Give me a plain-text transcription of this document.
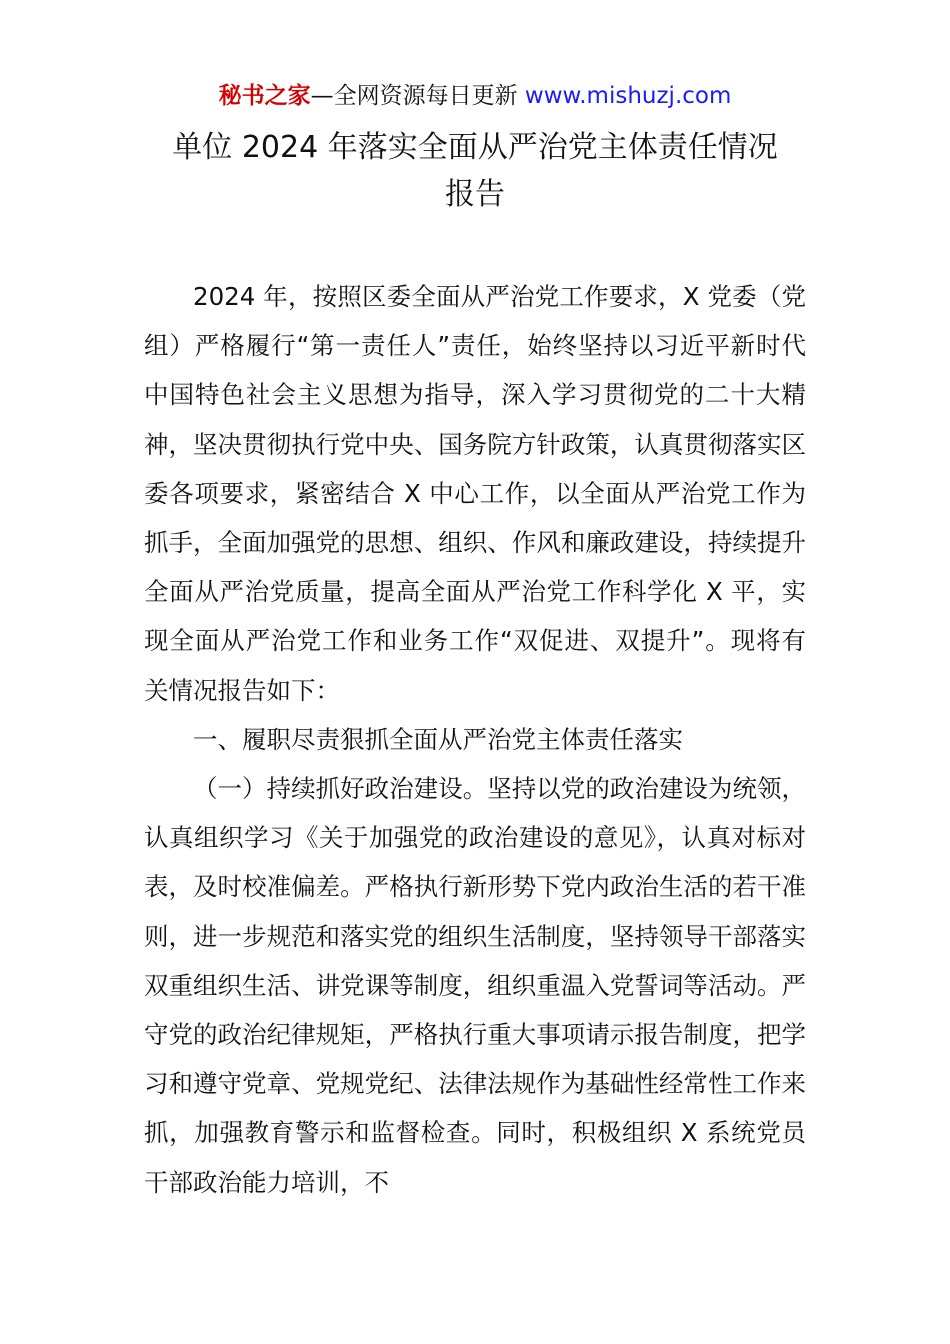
秘书之家—全网资源每日更新 www.mishuzj.com
单位 2024 年落实全面从严治党主体责任情况
报告

2024 年，按照区委全面从严治党工作要求，X 党委（党组）严格履行“第一责任人”责任，始终坚持以习近平新时代中国特色社会主义思想为指导，深入学习贯彻党的二十大精神，坚决贯彻执行党中央、国务院方针政策，认真贯彻落实区委各项要求，紧密结合 X 中心工作，以全面从严治党工作为抓手，全面加强党的思想、组织、作风和廉政建设，持续提升全面从严治党质量，提高全面从严治党工作科学化 X 平，实现全面从严治党工作和业务工作“双促进、双提升”。现将有关情况报告如下：

一、履职尽责狠抓全面从严治党主体责任落实

（一）持续抓好政治建设。坚持以党的政治建设为统领，认真组织学习《关于加强党的政治建设的意见》，认真对标对表，及时校准偏差。严格执行新形势下党内政治生活的若干准则，进一步规范和落实党的组织生活制度，坚持领导干部落实双重组织生活、讲党课等制度，组织重温入党誓词等活动。严守党的政治纪律规矩，严格执行重大事项请示报告制度，把学习和遵守党章、党规党纪、法律法规作为基础性经常性工作来抓，加强教育警示和监督检查。同时，积极组织 X 系统党员干部政治能力培训，不
